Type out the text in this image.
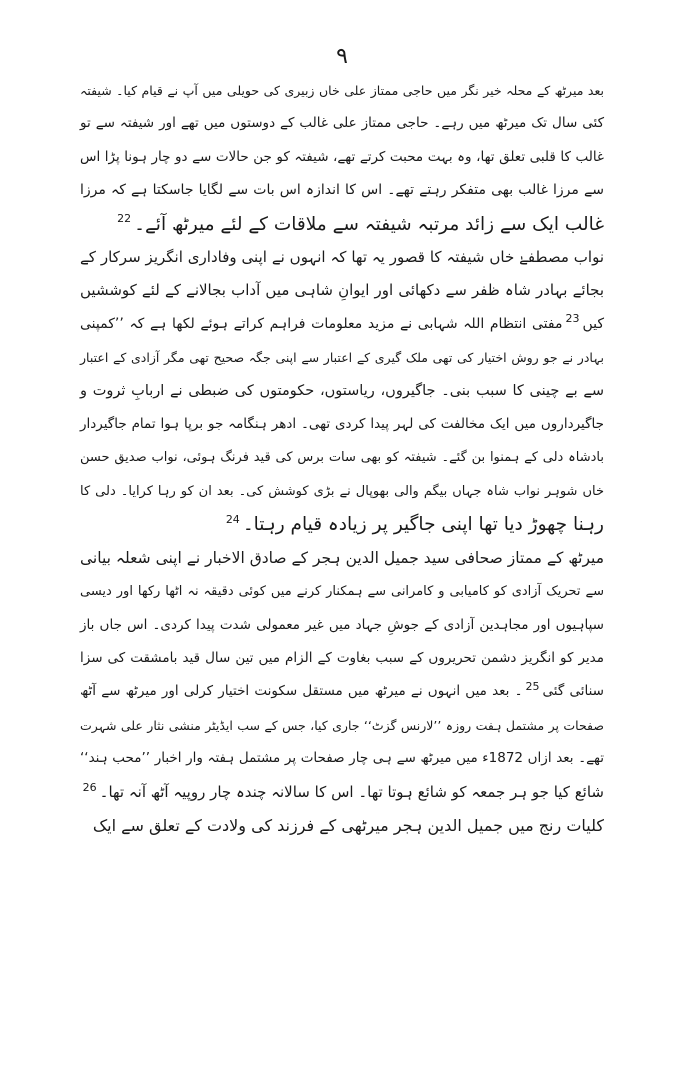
۹

بعد میرٹھ کے محلہ خیر نگر میں حاجی ممتاز علی خاں زبیری کی حویلی میں آپ نے قیام کیا۔ شیفتہ
کئی سال تک میرٹھ میں رہے۔ حاجی ممتاز علی غالب کے دوستوں میں تھے اور شیفتہ سے تو
غالب کا قلبی تعلق تھا، وہ بہت محبت کرتے تھے، شیفتہ کو جن حالات سے دو چار ہونا پڑا اس
سے مرزا غالب بھی متفکر رہتے تھے۔ اس کا اندازہ اس بات سے لگایا جاسکتا ہے کہ مرزا
غالب ایک سے زائد مرتبہ شیفتہ سے ملاقات کے لئے میرٹھ آئے۔$^{22}$

نواب مصطفےٰ خاں شیفتہ کا قصور یہ تھا کہ انہوں نے اپنی وفاداری انگریز سرکار کے
بجائے بہادر شاہ ظفر سے دکھائی اور ایوانِ شاہی میں آداب بجالانے کے لئے کوششیں
کیں$^{23}$مفتی انتظام اللہ شہابی نے مزید معلومات فراہم کراتے ہوئے لکھا ہے کہ ’’کمپنی
بہادر نے جو روش اختیار کی تھی ملک گیری کے اعتبار سے اپنی جگہ صحیح تھی مگر آزادی کے اعتبار
سے بے چینی کا سبب بنی۔ جاگیروں، ریاستوں، حکومتوں کی ضبطی نے اربابِ ثروت و
جاگیرداروں میں ایک مخالفت کی لہر پیدا کردی تھی۔ ادھر ہنگامہ جو برپا ہوا تمام جاگیردار
بادشاہ دلی کے ہمنوا بن گئے۔ شیفتہ کو بھی سات برس کی قید فرنگ ہوئی، نواب صدیق حسن
خاں شوہر نواب شاہ جہاں بیگم والی بھوپال نے بڑی کوشش کی۔ بعد ان کو رہا کرایا۔ دلی کا
رہنا چھوڑ دیا تھا اپنی جاگیر پر زیادہ قیام رہتا۔$^{24}$

میرٹھ کے ممتاز صحافی سید جمیل الدین ہجر کے صادق الاخبار نے اپنی شعلہ بیانی
سے تحریک آزادی کو کامیابی و کامرانی سے ہمکنار کرنے میں کوئی دقیقہ نہ اٹھا رکھا اور دیسی
سپاہیوں اور مجاہدین آزادی کے جوشِ جہاد میں غیر معمولی شدت پیدا کردی۔ اس جاں باز
مدیر کو انگریز دشمن تحریروں کے سبب بغاوت کے الزام میں تین سال قید بامشقت کی سزا
سنائی گئی$^{25}$۔ بعد میں انہوں نے میرٹھ میں مستقل سکونت اختیار کرلی اور میرٹھ سے آٹھ
صفحات پر مشتمل ہفت روزہ ’’لارنس گزٹ‘‘ جاری کیا، جس کے سب ایڈیٹر منشی نثار علی شہرت
تھے۔ بعد ازاں 1872ء میں میرٹھ سے ہی چار صفحات پر مشتمل ہفتہ وار اخبار ’’محب ہند‘‘
شائع کیا جو ہر جمعہ کو شائع ہوتا تھا۔ اس کا سالانہ چندہ چار روپیہ آٹھ آنہ تھا۔$^{26}$

کلیات رنج میں جمیل الدین ہجر میرٹھی کے فرزند کی ولادت کے تعلق سے ایک
